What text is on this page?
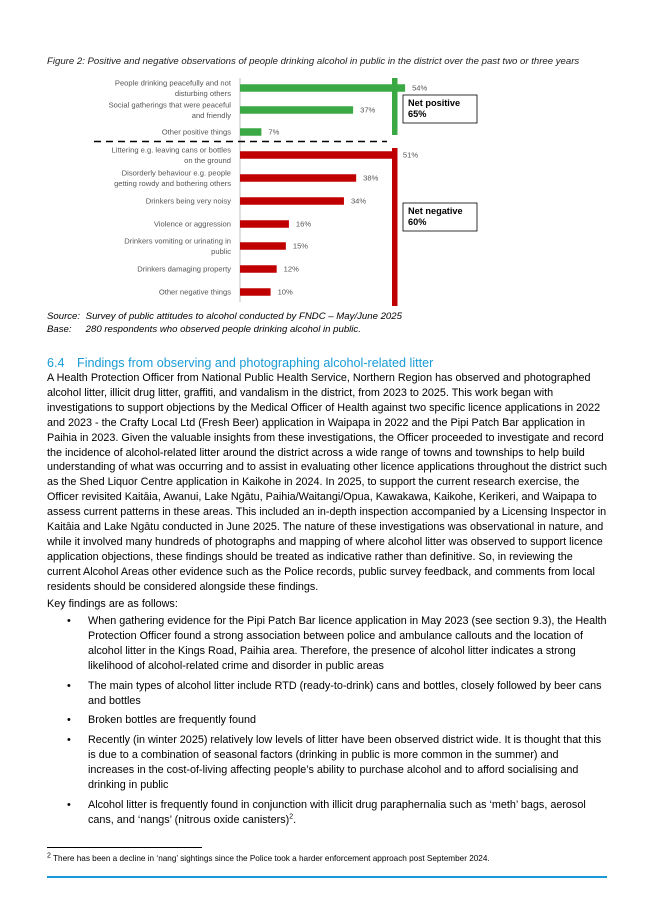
Figure 2: Positive and negative observations of people drinking alcohol in public in the district over the past two or three years
54%
People drinking peacefully and not
disturbing others
37%
Social gatherings that were peaceful
and friendly
7%
Other positive things
51%
Littering e.g. leaving cans or bottles
on the ground
38%
Disorderly behaviour e.g. people
getting rowdy and bothering others
34%
Drinkers being very noisy
16%
Violence or aggression
15%
Drinkers vomiting or urinating in
public
12%
Drinkers damaging property
10%
Other negative things
Net positive
65%
Net negative
60%
Source: Survey of public attitudes to alcohol conducted by FNDC – May/June 2025
Base: 280 respondents who observed people drinking alcohol in public.
6.4 Findings from observing and photographing alcohol-related litter

A Health Protection Officer from National Public Health Service, Northern Region has observed and photographed alcohol litter, illicit drug litter, graffiti, and vandalism in the district, from 2023 to 2025. This work began with investigations to support objections by the Medical Officer of Health against two specific licence applications in 2022 and 2023 - the Crafty Local Ltd (Fresh Beer) application in Waipapa in 2022 and the Pipi Patch Bar application in Paihia in 2023. Given the valuable insights from these investigations, the Officer proceeded to investigate and record the incidence of alcohol-related litter around the district across a wide range of towns and townships to help build understanding of what was occurring and to assist in evaluating other licence applications throughout the district such as the Shed Liquor Centre application in Kaikohe in 2024. In 2025, to support the current research exercise, the Officer revisited Kaitāia, Awanui, Lake Ngātu, Paihia/Waitangi/Opua, Kawakawa, Kaikohe, Kerikeri, and Waipapa to assess current patterns in these areas. This included an in-depth inspection accompanied by a Licensing Inspector in Kaitāia and Lake Ngātu conducted in June 2025. The nature of these investigations was observational in nature, and while it involved many hundreds of photographs and mapping of where alcohol litter was observed to support licence application objections, these findings should be treated as indicative rather than definitive. So, in reviewing the current Alcohol Areas other evidence such as the Police records, public survey feedback, and comments from local residents should be considered alongside these findings.

Key findings are as follows:
• When gathering evidence for the Pipi Patch Bar licence application in May 2023 (see section 9.3), the Health Protection Officer found a strong association between police and ambulance callouts and the location of alcohol litter in the Kings Road, Paihia area. Therefore, the presence of alcohol litter indicates a strong likelihood of alcohol-related crime and disorder in public areas
• The main types of alcohol litter include RTD (ready-to-drink) cans and bottles, closely followed by beer cans and bottles
• Broken bottles are frequently found
• Recently (in winter 2025) relatively low levels of litter have been observed district wide. It is thought that this is due to a combination of seasonal factors (drinking in public is more common in the summer) and increases in the cost-of-living affecting people’s ability to purchase alcohol and to afford socialising and drinking in public
• Alcohol litter is frequently found in conjunction with illicit drug paraphernalia such as ‘meth’ bags, aerosol cans, and ‘nangs’ (nitrous oxide canisters)$^2$.
$^2$ There has been a decline in ‘nang’ sightings since the Police took a harder enforcement approach post September 2024.
